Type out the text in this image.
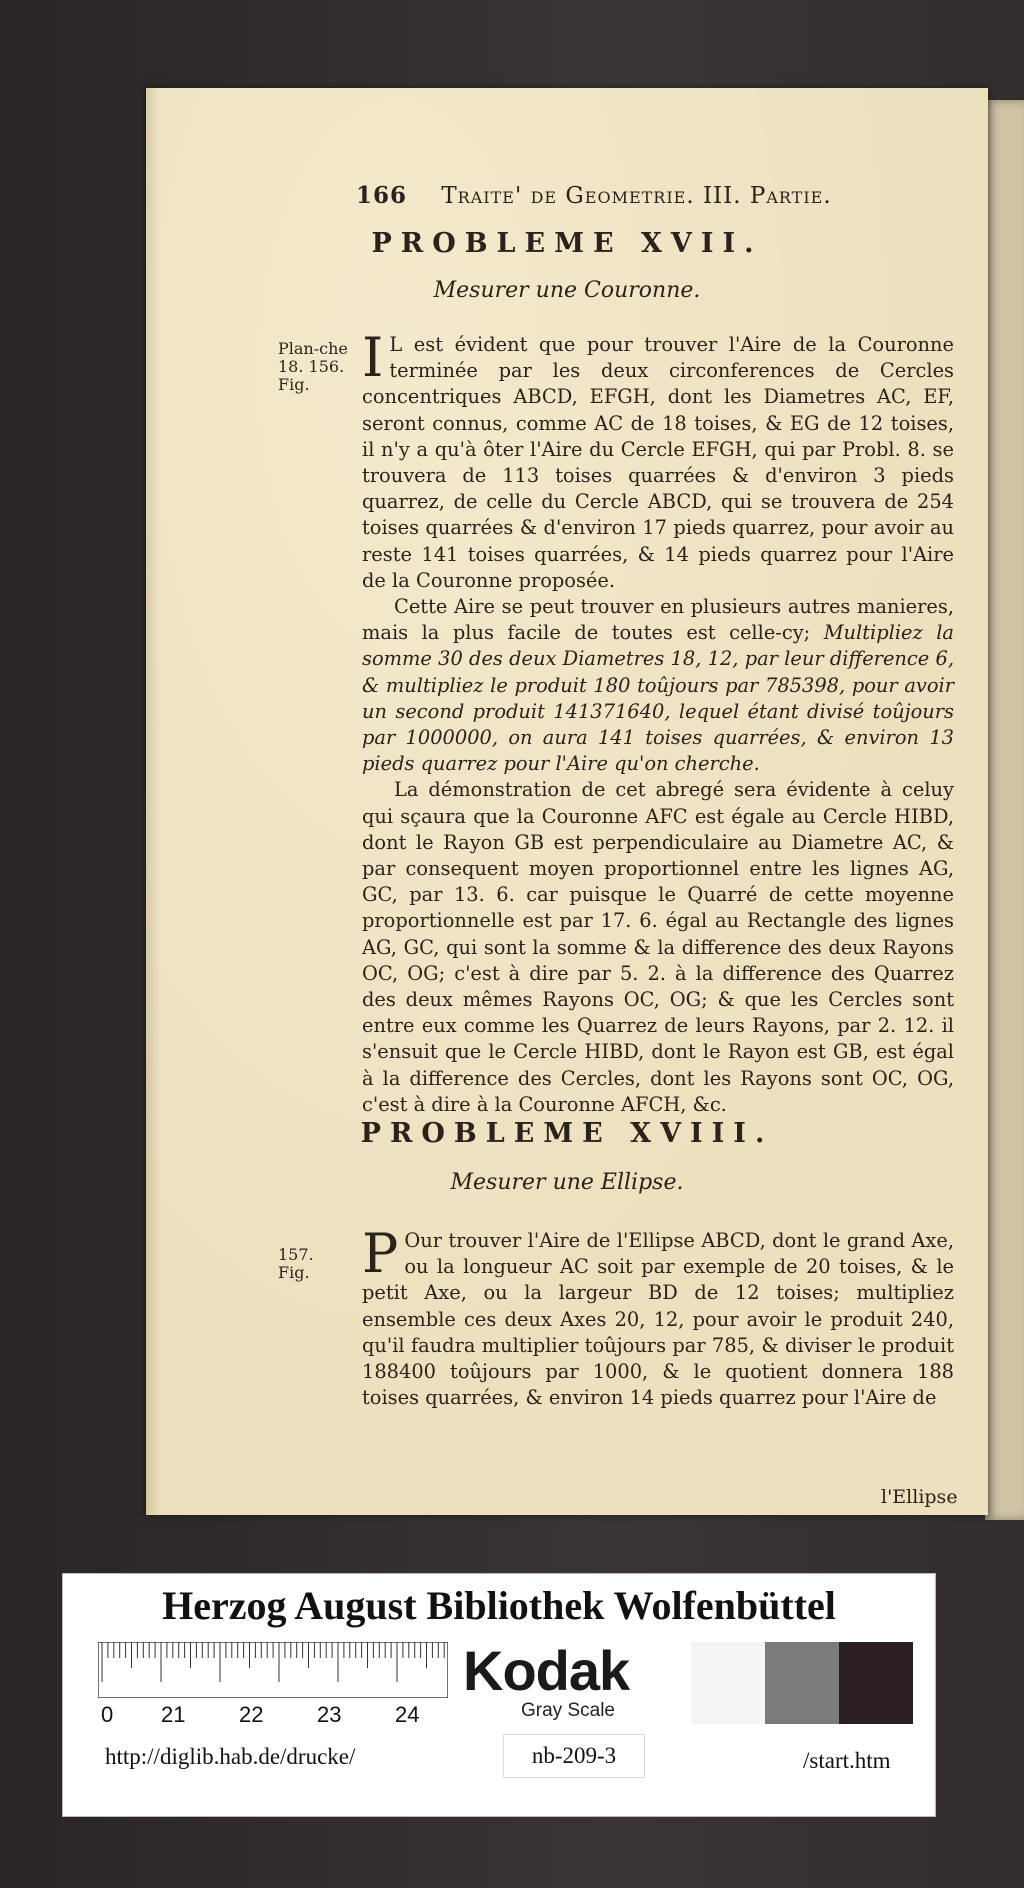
166 Traite' de Geometrie. III. Partie.
PROBLEME XVII.
Mesurer une Couronne.
Plan-che 18. 156. Fig. I L est évident que pour trouver l'Aire de la Couronne terminée par les deux circonferences de Cercles concentriques ABCD, EFGH, dont les Diametres AC, EF, seront connus, comme AC de 18 toises, & EG de 12 toises, il n'y a qu'à ôter l'Aire du Cercle EFGH, qui par Probl. 8. se trouvera de 113 toises quarrées & d'environ 3 pieds quarrez, de celle du Cercle ABCD, qui se trouvera de 254 toises quarrées & d'environ 17 pieds quarrez, pour avoir au reste 141 toises quarrées, & 14 pieds quarrez pour l'Aire de la Couronne proposée.

Cette Aire se peut trouver en plusieurs autres manieres, mais la plus facile de toutes est celle-cy; Multipliez la somme 30 des deux Diametres 18, 12, par leur difference 6, & multipliez le produit 180 toûjours par 785398, pour avoir un second produit 141371640, lequel étant divisé toûjours par 1000000, on aura 141 toises quarrées, & environ 13 pieds quarrez pour l'Aire qu'on cherche.

La démonstration de cet abregé sera évidente à celuy qui sçaura que la Couronne AFC est égale au Cercle HIBD, dont le Rayon GB est perpendiculaire au Diametre AC, & par consequent moyen proportionnel entre les lignes AG, GC, par 13. 6. car puisque le Quarré de cette moyenne proportionnelle est par 17. 6. égal au Rectangle des lignes AG, GC, qui sont la somme & la difference des deux Rayons OC, OG; c'est à dire par 5. 2. à la difference des Quarrez des deux mêmes Rayons OC, OG; & que les Cercles sont entre eux comme les Quarrez de leurs Rayons, par 2. 12. il s'ensuit que le Cercle HIBD, dont le Rayon est GB, est égal à la difference des Cercles, dont les Rayons sont OC, OG, c'est à dire à la Couronne AFCH, &c.

PROBLEME XVIII.
Mesurer une Ellipse.
157. Fig. P Our trouver l'Aire de l'Ellipse ABCD, dont le grand Axe, ou la longueur AC soit par exemple de 20 toises, & le petit Axe, ou la largeur BD de 12 toises; multipliez ensemble ces deux Axes 20, 12, pour avoir le produit 240, qu'il faudra multiplier toûjours par 785, & diviser le produit 188400 toûjours par 1000, & le quotient donnera 188 toises quarrées, & environ 14 pieds quarrez pour l'Aire de

l'Ellipse
Herzog August Bibliothek Wolfenbüttel
0 21 22 23 24
Kodak
Gray Scale
http://diglib.hab.de/drucke/	nb-209-3	/start.htm
